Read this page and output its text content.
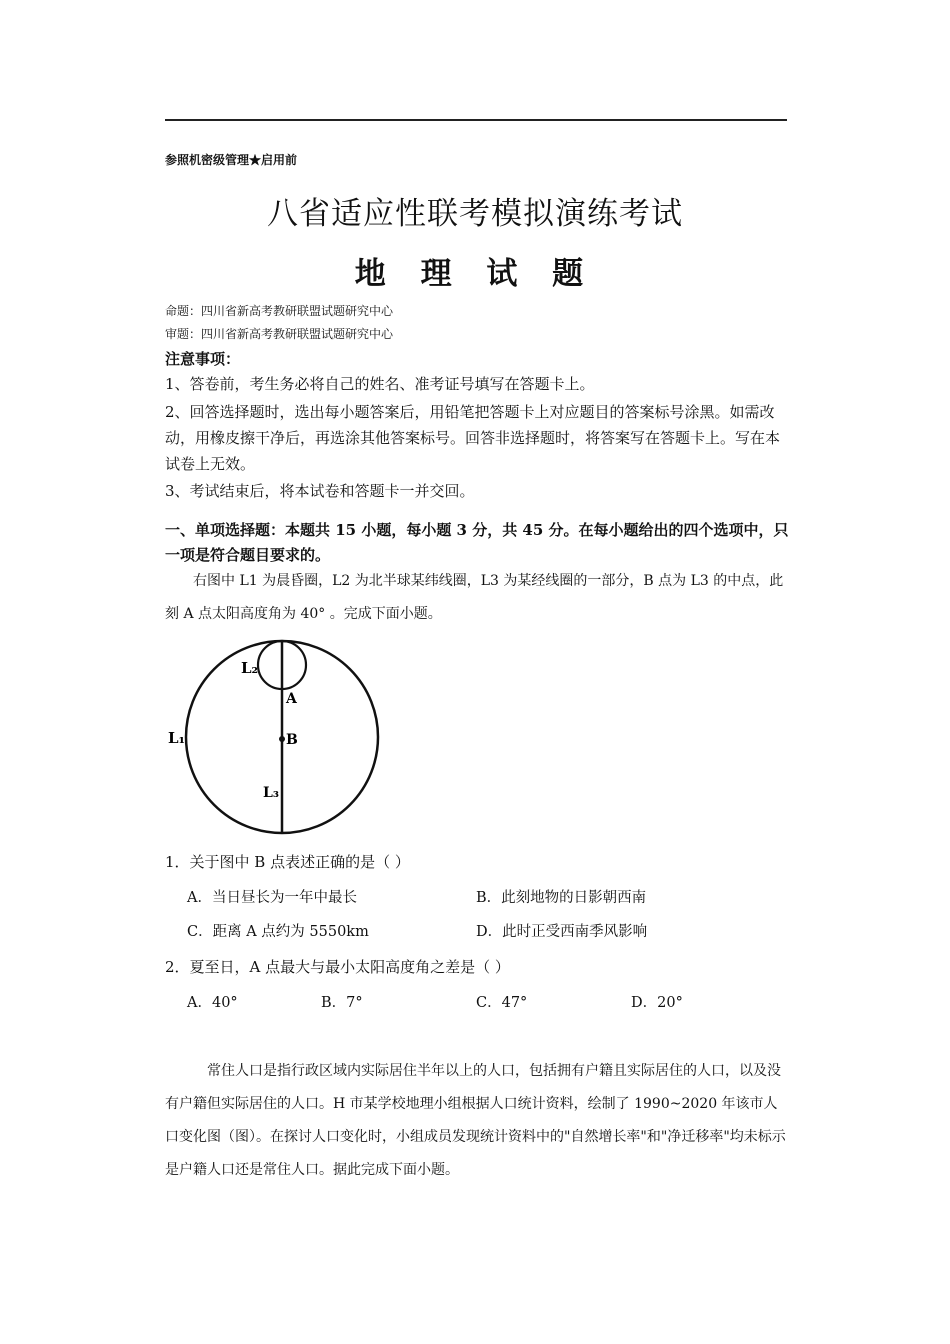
参照机密级管理★启用前
八省适应性联考模拟演练考试
地 理 试 题
命题：四川省新高考教研联盟试题研究中心
审题：四川省新高考教研联盟试题研究中心
注意事项：
1、答卷前，考生务必将自己的姓名、准考证号填写在答题卡上。
2、回答选择题时，选出每小题答案后，用铅笔把答题卡上对应题目的答案标号涂黑。如需改动，用橡皮擦干净后，再选涂其他答案标号。回答非选择题时，将答案写在答题卡上。写在本试卷上无效。
3、考试结束后，将本试卷和答题卡一并交回。
一、单项选择题：本题共 15 小题，每小题 3 分，共 45 分。在每小题给出的四个选项中，只一项是符合题目要求的。
右图中 L1 为晨昏圈，L2 为北半球某纬线圈，L3 为某经线圈的一部分，B 点为 L3 的中点，此刻 A 点太阳高度角为 40° 。完成下面小题。
L₂
A
L₁	B
L₃
1．关于图中 B 点表述正确的是（ ）
A．当日昼长为一年中最长	B．此刻地物的日影朝西南
C．距离 A 点约为 5550km	D．此时正受西南季风影响
2．夏至日，A 点最大与最小太阳高度角之差是（ ）
A．40°	B．7°	C．47°	D．20°
常住人口是指行政区域内实际居住半年以上的人口，包括拥有户籍且实际居住的人口，以及没有户籍但实际居住的人口。H 市某学校地理小组根据人口统计资料，绘制了 1990~2020 年该市人口变化图（图）。在探讨人口变化时，小组成员发现统计资料中的"自然增长率"和"净迁移率"均未标示是户籍人口还是常住人口。据此完成下面小题。
